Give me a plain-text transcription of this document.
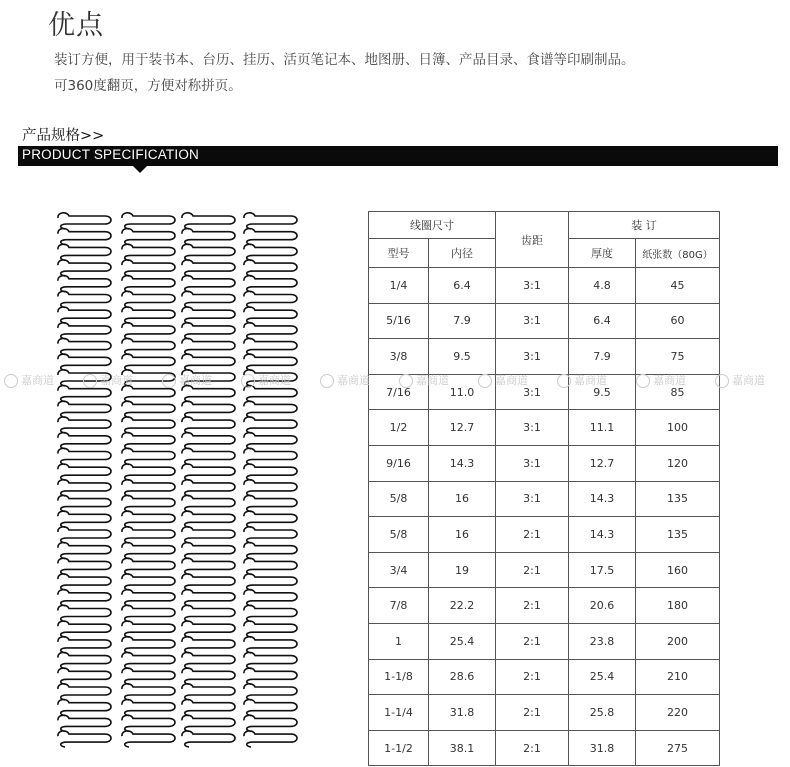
优点
装订方便，用于装书本、台历、挂历、活页笔记本、地图册、日簿、产品目录、食谱等印刷制品。
可360度翻页，方便对称拼页。
产品规格>>
PRODUCT SPECIFICATION
线圈尺寸		齿距	装 订	
型号	内径		厚度	纸张数（80G）
1/4	6.4	3:1	4.8	45
5/16	7.9	3:1	6.4	60
3/8	9.5	3:1	7.9	75
7/16	11.0	3:1	9.5	85
1/2	12.7	3:1	11.1	100
9/16	14.3	3:1	12.7	120
5/8	16	3:1	14.3	135
5/8	16	2:1	14.3	135
3/4	19	2:1	17.5	160
7/8	22.2	2:1	20.6	180
1	25.4	2:1	23.8	200
1-1/8	28.6	2:1	25.4	210
1-1/4	31.8	2:1	25.8	220
1-1/2	38.1	2:1	31.8	275
嘉商道	嘉商道	嘉商道	嘉商道	嘉商道	嘉商道	嘉商道	嘉商道	嘉商道	嘉商道
